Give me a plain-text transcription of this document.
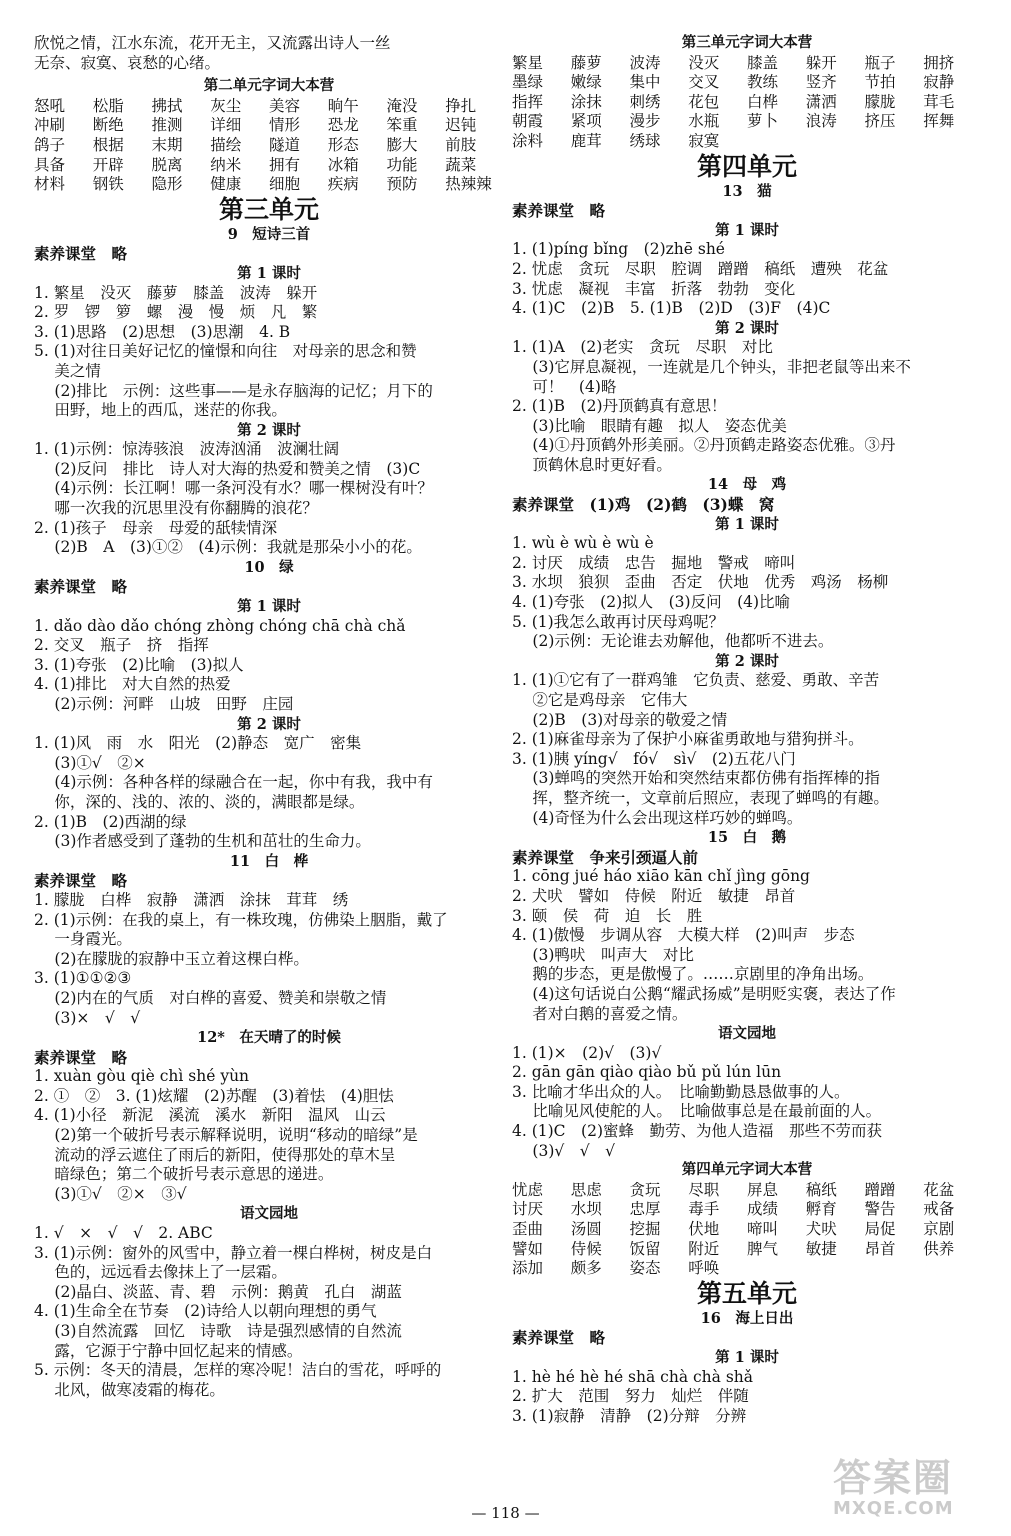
欣悦之情，江水东流，花开无主，又流露出诗人一丝
无奈、寂寞、哀愁的心绪。
第二单元字词大本营
怒吼	松脂	拂拭	灰尘	美容	晌午	淹没	挣扎
冲刷	断绝	推测	详细	情形	恐龙	笨重	迟钝
鸽子	根据	末期	描绘	隧道	形态	膨大	前肢
具备	开辟	脱离	纳米	拥有	冰箱	功能	蔬菜
材料	钢铁	隐形	健康	细胞	疾病	预防	热辣辣
第三单元
9　短诗三首
素养课堂　略
第 1 课时
1. 繁星　没灭　藤萝　膝盖　波涛　躲开
2. 罗　锣　箩　螺　漫　慢　烦　凡　繁
3. (1)思路　(2)思想　(3)思潮　4. B
5. (1)对往日美好记忆的憧憬和向往　对母亲的思念和赞
　 美之情
　 (2)排比　示例：这些事——是永存脑海的记忆；月下的
　 田野，地上的西瓜，迷茫的你我。
第 2 课时
1. (1)示例：惊涛骇浪　波涛汹涌　波澜壮阔
　 (2)反问　排比　诗人对大海的热爱和赞美之情　(3)C
　 (4)示例：长江啊！哪一条河没有水？哪一棵树没有叶？
　 哪一次我的沉思里没有你翻腾的浪花？
2. (1)孩子　母亲　母爱的舐犊情深
　 (2)B　A　(3)①②　(4)示例：我就是那朵小小的花。
10　绿
素养课堂　略
第 1 课时
1. dǎo dào dǎo chóng zhòng chóng chā chà chǎ
2. 交叉　瓶子　挤　指挥
3. (1)夸张　(2)比喻　(3)拟人
4. (1)排比　对大自然的热爱
　 (2)示例：河畔　山坡　田野　庄园
第 2 课时
1. (1)风　雨　水　阳光　(2)静态　宽广　密集
　 (3)①√　②×
　 (4)示例：各种各样的绿融合在一起，你中有我，我中有
　 你，深的、浅的、浓的、淡的，满眼都是绿。
2. (1)B　(2)西湖的绿
　 (3)作者感受到了蓬勃的生机和茁壮的生命力。
11　白　桦
素养课堂　略
1. 朦胧　白桦　寂静　潇洒　涂抹　茸茸　绣
2. (1)示例：在我的桌上，有一株玫瑰，仿佛染上胭脂，戴了
　 一身霞光。
　 (2)在朦胧的寂静中玉立着这棵白桦。
3. (1)①①②③
　 (2)内在的气质　对白桦的喜爱、赞美和崇敬之情
　 (3)×　√　√
12*　在天晴了的时候
素养课堂　略
1. xuàn gòu qiè chì shé yùn
2. ①　②　3. (1)炫耀　(2)苏醒　(3)着怯　(4)胆怯
4. (1)小径　新泥　溪流　溪水　新阳　温风　山云
　 (2)第一个破折号表示解释说明，说明“移动的暗绿”是
　 流动的浮云遮住了雨后的新阳，使得那处的草木呈
　 暗绿色；第二个破折号表示意思的递进。
　 (3)①√　②×　③√
语文园地
1. √　×　√　√　2. ABC
3. (1)示例：窗外的风雪中，静立着一棵白桦树，树皮是白
　 色的，远远看去像抹上了一层霜。
　 (2)晶白、淡蓝、青、碧　示例：鹅黄　孔白　湖蓝
4. (1)生命全在节奏　(2)诗给人以朝向理想的勇气
　 (3)自然流露　回忆　诗歌　诗是强烈感情的自然流
　 露，它源于宁静中回忆起来的情感。
5. 示例：冬天的清晨，怎样的寒冷呢！洁白的雪花，呼呼的
　 北风，做寒凌霜的梅花。
第三单元字词大本营
繁星	藤萝	波涛	没灭	膝盖	躲开	瓶子	拥挤
墨绿	嫩绿	集中	交叉	教练	竖齐	节拍	寂静
指挥	涂抹	刺绣	花包	白桦	潇洒	朦胧	茸毛
朝霞	紧项	漫步	水瓶	萝卜	浪涛	挤压	挥舞
涂料	鹿茸	绣球	寂寞
第四单元
13　猫
素养课堂　略
第 1 课时
1. (1)píng bǐng　(2)zhē shé
2. 忧虑　贪玩　尽职　腔调　蹭蹭　稿纸　遭殃　花盆
3. 忧虑　凝视　丰富　折落　勃勃　变化
4. (1)C　(2)B　5. (1)B　(2)D　(3)F　(4)C
第 2 课时
1. (1)A　(2)老实　贪玩　尽职　对比
　 (3)它屏息凝视，一连就是几个钟头，非把老鼠等出来不
　 可！　(4)略
2. (1)B　(2)丹顶鹤真有意思！
　 (3)比喻　眼睛有趣　拟人　姿态优美
　 (4)①丹顶鹤外形美丽。②丹顶鹤走路姿态优雅。③丹
　 顶鹤休息时更好看。
14　母　鸡
素养课堂　(1)鸡　(2)鹤　(3)蝶　窝
第 1 课时
1. wù è wù è wù è
2. 讨厌　成绩　忠告　掘地　警戒　啼叫
3. 水坝　狼狈　歪曲　否定　伏地　优秀　鸡汤　杨柳
4. (1)夸张　(2)拟人　(3)反问　(4)比喻
5. (1)我怎么敢再讨厌母鸡呢？
　 (2)示例：无论谁去劝解他，他都听不进去。
第 2 课时
1. (1)①它有了一群鸡雏　它负责、慈爱、勇敢、辛苦
　 ②它是鸡母亲　它伟大
　 (2)B　(3)对母亲的敬爱之情
2. (1)麻雀母亲为了保护小麻雀勇敢地与猎狗拼斗。
3. (1)胰 yíng√　fó√　sì√　(2)五花八门
　 (3)蝉鸣的突然开始和突然结束都仿佛有指挥棒的指
　 挥，整齐统一，文章前后照应，表现了蝉鸣的有趣。
　 (4)奇怪为什么会出现这样巧妙的蝉鸣。
15　白　鹅
素养课堂　争来引颈逼人前
1. cōng jué háo xiāo kān chǐ jìng gōng
2. 犬吠　譬如　侍候　附近　敏捷　昂首
3. 颐　侯　荷　迫　长　胜
4. (1)傲慢　步调从容　大模大样　(2)叫声　步态
　 (3)鸭吠　叫声大　对比
　 鹅的步态，更是傲慢了。……京剧里的净角出场。
　 (4)这句话说白公鹅“耀武扬威”是明贬实褒，表达了作
　 者对白鹅的喜爱之情。
语文园地
1. (1)×　(2)√　(3)√
2. gān gān qiào qiào bǔ pǔ lún lūn
3. 比喻才华出众的人。　比喻勤勤恳恳做事的人。
　 比喻见风使舵的人。　比喻做事总是在最前面的人。
4. (1)C　(2)蜜蜂　勤劳、为他人造福　那些不劳而获
　 (3)√　√　√
第四单元字词大本营
忧虑	思虑	贪玩	尽职	屏息	稿纸	蹭蹭	花盆
讨厌	水坝	忠厚	毒手	成绩	孵育	警告	戒备
歪曲	汤圆	挖掘	伏地	啼叫	犬吠	局促	京剧
譬如	侍候	饭留	附近	脾气	敏捷	昂首	供养
添加	颇多	姿态	呼唤
第五单元
16　海上日出
素养课堂　略
第 1 课时
1. hè hé hè hé shā chà chà shǎ
2. 扩大　范围　努力　灿烂　伴随
3. (1)寂静　清静　(2)分辩　分辨
— 118 —
答案圈
MXQE.COM
